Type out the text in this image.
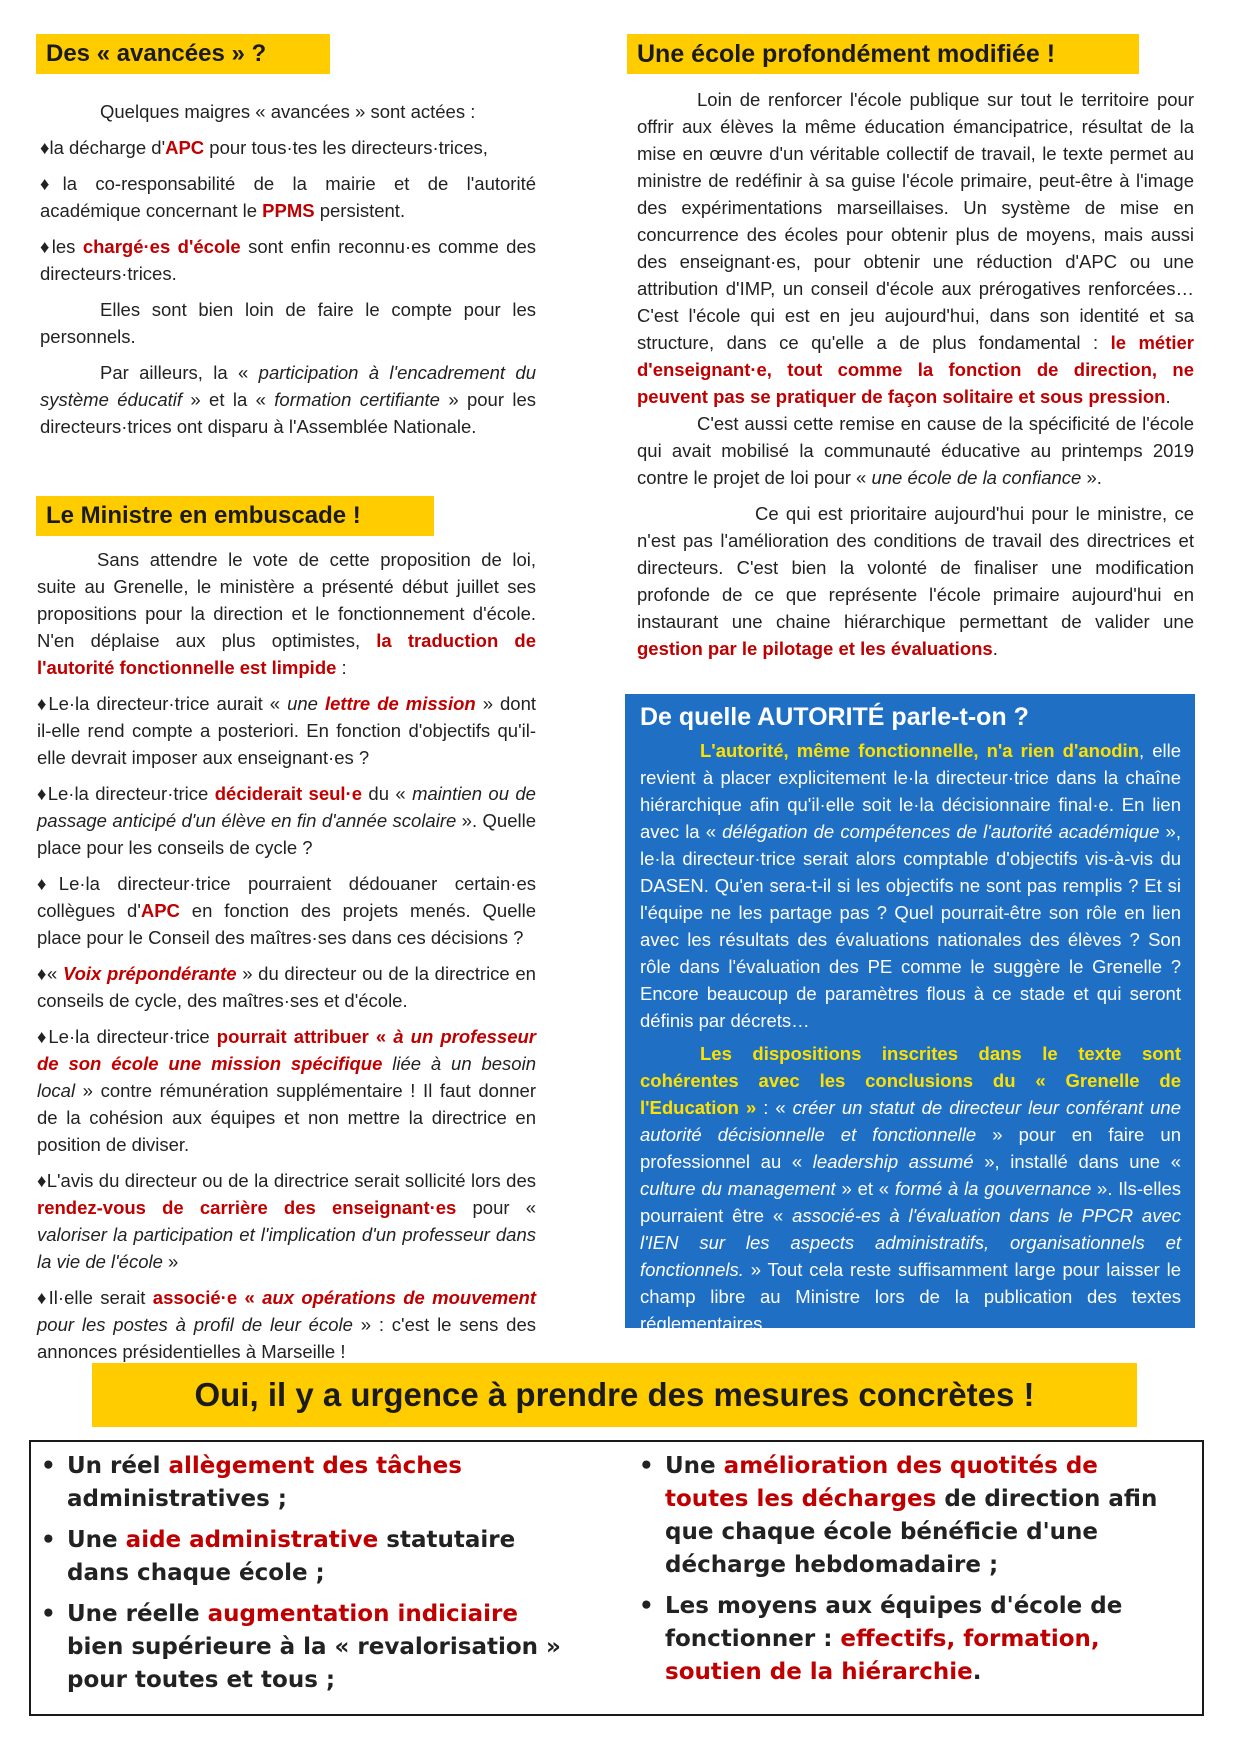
Des « avancées » ?

Quelques maigres « avancées » sont actées :

♦la décharge d'APC pour tous·tes les directeurs·trices,

♦la co-responsabilité de la mairie et de l'autorité académique concernant le PPMS persistent.

♦les chargé·es d'école sont enfin reconnu·es comme des directeurs·trices.

Elles sont bien loin de faire le compte pour les personnels.

Par ailleurs, la « participation à l'encadrement du système éducatif » et la « formation certifiante » pour les directeurs·trices ont disparu à l'Assemblée Nationale.

Le Ministre en embuscade !

Sans attendre le vote de cette proposition de loi, suite au Grenelle, le ministère a présenté début juillet ses propositions pour la direction et le fonctionnement d'école. N'en déplaise aux plus optimistes, la traduction de l'autorité fonctionnelle est limpide :

♦Le·la directeur·trice aurait « une lettre de mission » dont il-elle rend compte a posteriori. En fonction d'objectifs qu'il-elle devrait imposer aux enseignant·es ?

♦Le·la directeur·trice déciderait seul·e du « maintien ou de passage anticipé d'un élève en fin d'année scolaire ». Quelle place pour les conseils de cycle ?

♦Le·la directeur·trice pourraient dédouaner certain·es collègues d'APC en fonction des projets menés. Quelle place pour le Conseil des maîtres·ses dans ces décisions ?

♦« Voix prépondérante » du directeur ou de la directrice en conseils de cycle, des maîtres·ses et d'école.

♦Le·la directeur·trice pourrait attribuer « à un professeur de son école une mission spécifique liée à un besoin local » contre rémunération supplémentaire ! Il faut donner de la cohésion aux équipes et non mettre la directrice en position de diviser.

♦L'avis du directeur ou de la directrice serait sollicité lors des rendez-vous de carrière des enseignant·es pour « valoriser la participation et l'implication d'un professeur dans la vie de l'école »

♦Il·elle serait associé·e « aux opérations de mouvement pour les postes à profil de leur école » : c'est le sens des annonces présidentielles à Marseille !

Une école profondément modifiée !

Loin de renforcer l'école publique sur tout le territoire pour offrir aux élèves la même éducation émancipatrice, résultat de la mise en œuvre d'un véritable collectif de travail, le texte permet au ministre de redéfinir à sa guise l'école primaire, peut-être à l'image des expérimentations marseillaises. Un système de mise en concurrence des écoles pour obtenir plus de moyens, mais aussi des enseignant·es, pour obtenir une réduction d'APC ou une attribution d'IMP, un conseil d'école aux prérogatives renforcées… C'est l'école qui est en jeu aujourd'hui, dans son identité et sa structure, dans ce qu'elle a de plus fondamental : le métier d'enseignant·e, tout comme la fonction de direction, ne peuvent pas se pratiquer de façon solitaire et sous pression.

C'est aussi cette remise en cause de la spécificité de l'école qui avait mobilisé la communauté éducative au printemps 2019 contre le projet de loi pour « une école de la confiance ».

Ce qui est prioritaire aujourd'hui pour le ministre, ce n'est pas l'amélioration des conditions de travail des directrices et directeurs. C'est bien la volonté de finaliser une modification profonde de ce que représente l'école primaire aujourd'hui en instaurant une chaine hiérarchique permettant de valider une gestion par le pilotage et les évaluations.

De quelle AUTORITÉ parle-t-on ?

L'autorité, même fonctionnelle, n'a rien d'anodin, elle revient à placer explicitement le·la directeur·trice dans la chaîne hiérarchique afin qu'il·elle soit le·la décisionnaire final·e. En lien avec la « délégation de compétences de l'autorité académique », le·la directeur·trice serait alors comptable d'objectifs vis-à-vis du DASEN. Qu'en sera-t-il si les objectifs ne sont pas remplis ? Et si l'équipe ne les partage pas ? Quel pourrait-être son rôle en lien avec les résultats des évaluations nationales des élèves ? Son rôle dans l'évaluation des PE comme le suggère le Grenelle ? Encore beaucoup de paramètres flous à ce stade et qui seront définis par décrets…

Les dispositions inscrites dans le texte sont cohérentes avec les conclusions du « Grenelle de l'Education » : « créer un statut de directeur leur conférant une autorité décisionnelle et fonctionnelle » pour en faire un professionnel au « leadership assumé », installé dans une « culture du management » et « formé à la gouvernance ». Ils-elles pourraient être « associé-es à l'évaluation dans le PPCR avec l'IEN sur les aspects administratifs, organisationnels et fonctionnels. » Tout cela reste suffisamment large pour laisser le champ libre au Ministre lors de la publication des textes réglementaires .

Oui, il y a urgence à prendre des mesures concrètes !
• Un réel allègement des tâches administratives ;
• Une aide administrative statutaire dans chaque école ;
• Une réelle augmentation indiciaire bien supérieure à la « revalorisation » pour toutes et tous ;
• Une amélioration des quotités de toutes les décharges de direction afin que chaque école bénéficie d'une décharge hebdomadaire ;
• Les moyens aux équipes d'école de fonctionner : effectifs, formation, soutien de la hiérarchie.
